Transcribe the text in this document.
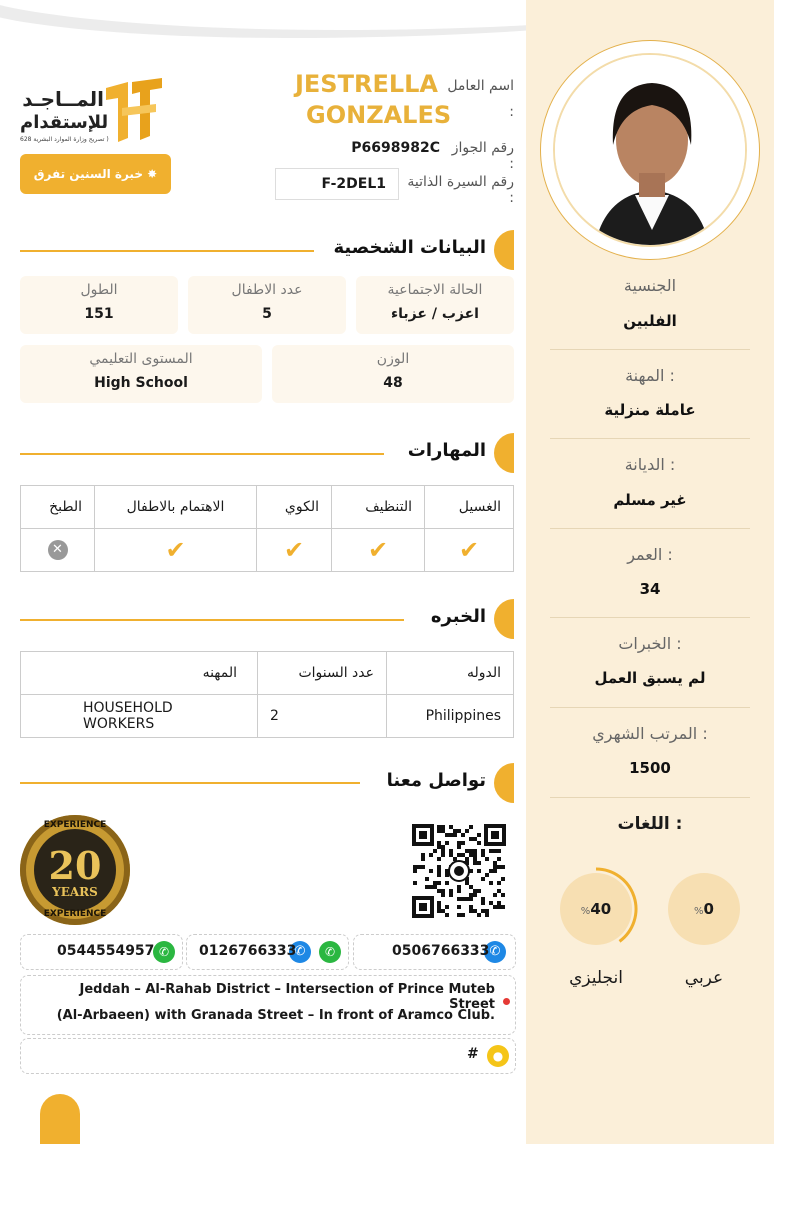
الجنسية
الفلبين
المهنة :
عاملة منزلية
الديانة :
غير مسلم
العمر :
34
الخبرات :
لم يسبق العمل
المرتب الشهري :
1500
اللغات :
%0
%40
عربي
انجليزي
اسم العامل
:
JESTRELLA
GONZALES
رقم الجواز :
P6698982C
رقم السيرة الذاتية :
F-2DEL1
المــاجـد
للإستقدام
تصريح وزارة الموارد البشرية 628 )
خبرة السنين تفرق ✸
البيانات الشخصية
الحالة الاجتماعية
اعزب / عزباء
عدد الاطفال
5
الطول
151
الوزن
48
المستوى التعليمي
High School
المهارات
الغسيل	التنظيف	الكوي	الاهتمام بالاطفال	الطبخ
✔	✔	✔	✔	✕
الخبره
الدوله	عدد السنوات	المهنه
Philippines	2	HOUSEHOLD WORKERS
تواصل معنا
EXPERIENCE
20
YEARS
EXPERIENCE
✆
0506766333
✆	✆
0126766333
✆
0544554957
Jeddah – Al-Rahab District – Intersection of Prince Muteb Street
(Al-Arbaeen) with Granada Street – In front of Aramco Club.
●
#
